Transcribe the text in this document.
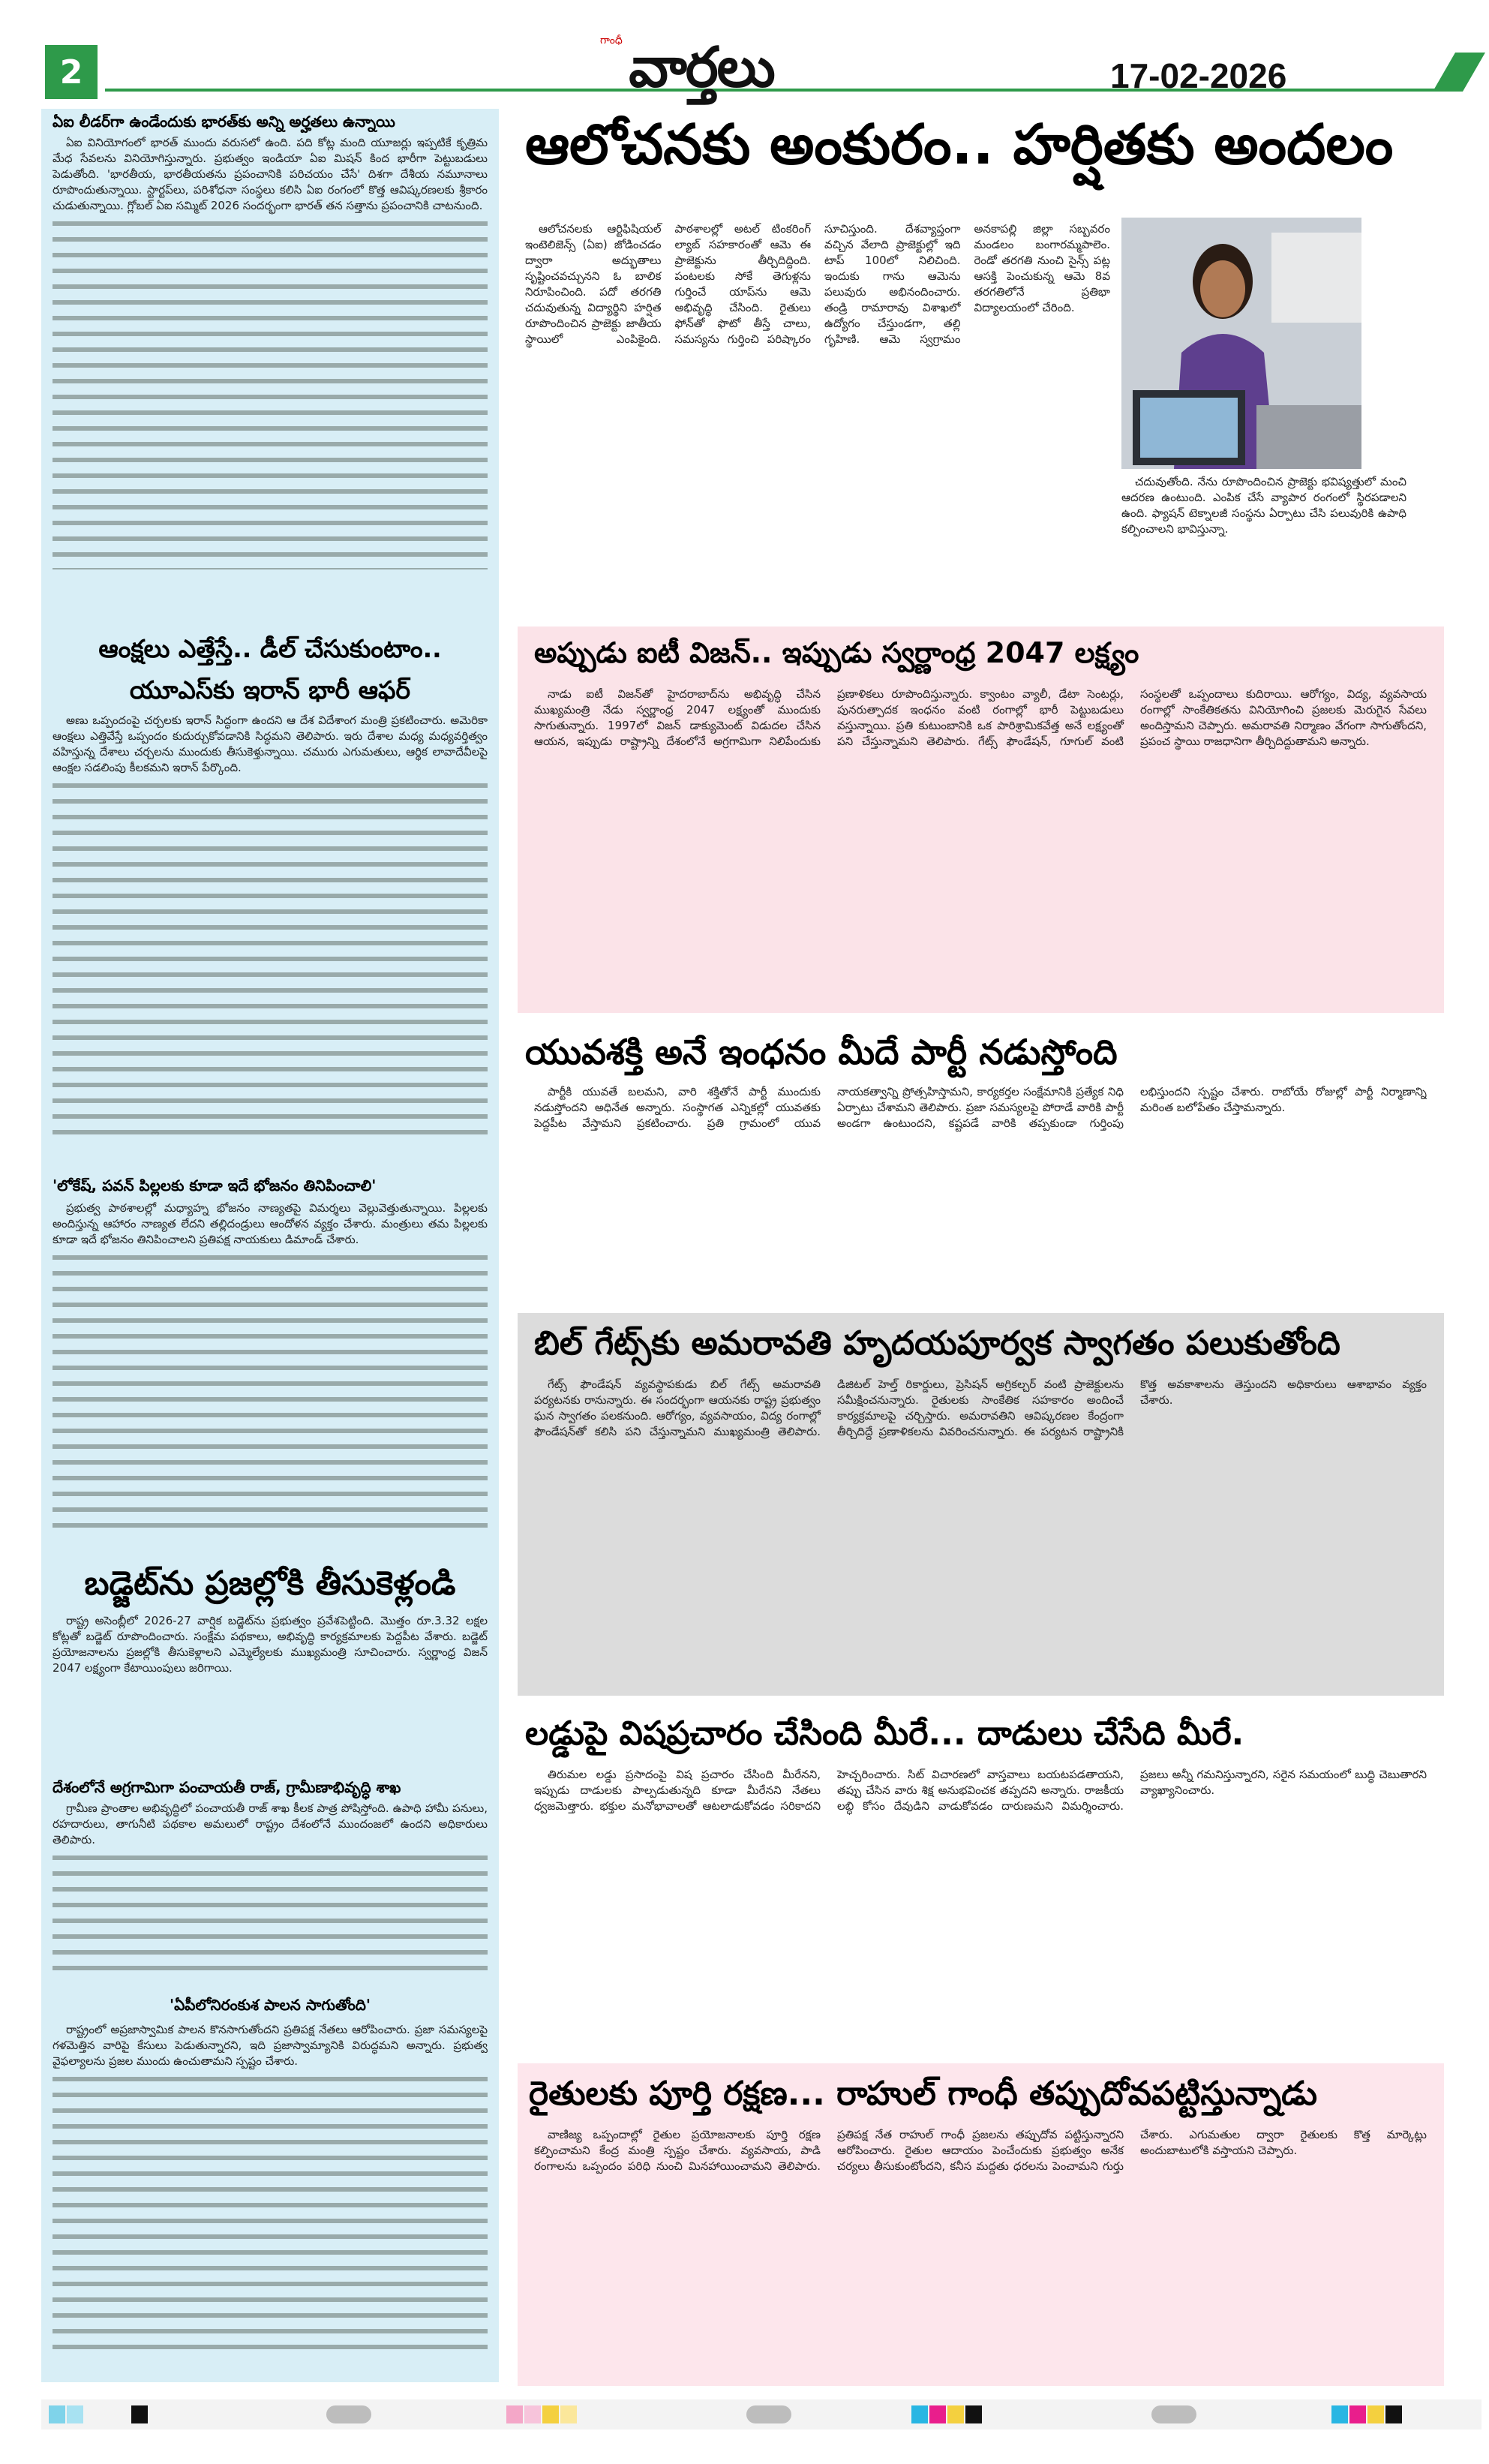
2
గాంధీ వార్తలు	17-02-2026
ఏఐ లీడర్‌గా ఉండేందుకు భారత్‌కు అన్ని అర్హతలు ఉన్నాయి

ఏఐ వినియోగంలో భారత్ ముందు వరుసలో ఉంది. పది కోట్ల మంది యూజర్లు ఇప్పటికే కృత్రిమ మేధ సేవలను వినియోగిస్తున్నారు. ప్రభుత్వం ఇండియా ఏఐ మిషన్ కింద భారీగా పెట్టుబడులు పెడుతోంది. 'భారతీయ, భారతీయతను ప్రపంచానికి పరిచయం చేసే' దిశగా దేశీయ నమూనాలు రూపొందుతున్నాయి. స్టార్టప్‌లు, పరిశోధనా సంస్థలు కలిసి ఏఐ రంగంలో కొత్త ఆవిష్కరణలకు శ్రీకారం చుడుతున్నాయి. గ్లోబల్ ఏఐ సమ్మిట్ 2026 సందర్భంగా భారత్ తన సత్తాను ప్రపంచానికి చాటనుంది.

ఆంక్షలు ఎత్తేస్తే.. డీల్ చేసుకుంటాం..
యూఎస్‌కు ఇరాన్ భారీ ఆఫర్

అణు ఒప్పందంపై చర్చలకు ఇరాన్ సిద్ధంగా ఉందని ఆ దేశ విదేశాంగ మంత్రి ప్రకటించారు. అమెరికా ఆంక్షలు ఎత్తివేస్తే ఒప్పందం కుదుర్చుకోవడానికి సిద్ధమని తెలిపారు. ఇరు దేశాల మధ్య మధ్యవర్తిత్వం వహిస్తున్న దేశాలు చర్చలను ముందుకు తీసుకెళ్తున్నాయి. చమురు ఎగుమతులు, ఆర్థిక లావాదేవీలపై ఆంక్షల సడలింపు కీలకమని ఇరాన్ పేర్కొంది.

'లోకేష్, పవన్ పిల్లలకు కూడా ఇదే భోజనం తినిపించాలి'

ప్రభుత్వ పాఠశాలల్లో మధ్యాహ్న భోజనం నాణ్యతపై విమర్శలు వెల్లువెత్తుతున్నాయి. పిల్లలకు అందిస్తున్న ఆహారం నాణ్యత లేదని తల్లిదండ్రులు ఆందోళన వ్యక్తం చేశారు. మంత్రులు తమ పిల్లలకు కూడా ఇదే భోజనం తినిపించాలని ప్రతిపక్ష నాయకులు డిమాండ్ చేశారు.

బడ్జెట్‌ను ప్రజల్లోకి తీసుకెళ్లండి

రాష్ట్ర అసెంబ్లీలో 2026-27 వార్షిక బడ్జెట్‌ను ప్రభుత్వం ప్రవేశపెట్టింది. మొత్తం రూ.3.32 లక్షల కోట్లతో బడ్జెట్ రూపొందించారు. సంక్షేమ పథకాలు, అభివృద్ధి కార్యక్రమాలకు పెద్దపీట వేశారు. బడ్జెట్ ప్రయోజనాలను ప్రజల్లోకి తీసుకెళ్లాలని ఎమ్మెల్యేలకు ముఖ్యమంత్రి సూచించారు. స్వర్ణాంధ్ర విజన్ 2047 లక్ష్యంగా కేటాయింపులు జరిగాయి.

దేశంలోనే అగ్రగామిగా పంచాయతీ రాజ్, గ్రామీణాభివృద్ధి శాఖ

గ్రామీణ ప్రాంతాల అభివృద్ధిలో పంచాయతీ రాజ్ శాఖ కీలక పాత్ర పోషిస్తోంది. ఉపాధి హామీ పనులు, రహదారులు, తాగునీటి పథకాల అమలులో రాష్ట్రం దేశంలోనే ముందంజలో ఉందని అధికారులు తెలిపారు.

'ఏపీలోనిరంకుశ పాలన సాగుతోంది'

రాష్ట్రంలో అప్రజాస్వామిక పాలన కొనసాగుతోందని ప్రతిపక్ష నేతలు ఆరోపించారు. ప్రజా సమస్యలపై గళమెత్తిన వారిపై కేసులు పెడుతున్నారని, ఇది ప్రజాస్వామ్యానికి విరుద్ధమని అన్నారు. ప్రభుత్వ వైఫల్యాలను ప్రజల ముందు ఉంచుతామని స్పష్టం చేశారు.

ఆలోచనకు అంకురం.. హర్షితకు అందలం

ఆలోచనలకు ఆర్టిఫిషియల్ ఇంటెలిజెన్స్ (ఏఐ) జోడించడం ద్వారా అద్భుతాలు సృష్టించవచ్చునని ఓ బాలిక నిరూపించింది. పదో తరగతి చదువుతున్న విద్యార్థిని హర్షిత రూపొందించిన ప్రాజెక్టు జాతీయ స్థాయిలో ఎంపికైంది. పాఠశాలల్లో అటల్ టింకరింగ్ ల్యాబ్ సహకారంతో ఆమె ఈ ప్రాజెక్టును తీర్చిదిద్దింది. పంటలకు సోకే తెగుళ్లను గుర్తించే యాప్‌ను ఆమె అభివృద్ధి చేసింది. రైతులు ఫోన్‌తో ఫొటో తీస్తే చాలు, సమస్యను గుర్తించి పరిష్కారం సూచిస్తుంది. దేశవ్యాప్తంగా వచ్చిన వేలాది ప్రాజెక్టుల్లో ఇది టాప్ 100లో నిలిచింది. ఇందుకు గాను ఆమెను పలువురు అభినందించారు. తండ్రి రామారావు విశాఖలో ఉద్యోగం చేస్తుండగా, తల్లి గృహిణి. ఆమె స్వగ్రామం అనకాపల్లి జిల్లా సబ్బవరం మండలం బంగారమ్మపాలెం. రెండో తరగతి నుంచి సైన్స్ పట్ల ఆసక్తి పెంచుకున్న ఆమె 8వ తరగతిలోనే ప్రతిభా విద్యాలయంలో చేరింది.

చదువుతోంది. నేను రూపొందించిన ప్రాజెక్టు భవిష్యత్తులో మంచి ఆదరణ ఉంటుంది. ఎంపిక చేసే వ్యాపార రంగంలో స్థిరపడాలని ఉంది. ఫ్యాషన్ టెక్నాలజీ సంస్థను ఏర్పాటు చేసి పలువురికి ఉపాధి కల్పించాలని భావిస్తున్నా.

అప్పుడు ఐటీ విజన్.. ఇప్పుడు స్వర్ణాంధ్ర 2047 లక్ష్యం

నాడు ఐటీ విజన్‌తో హైదరాబాద్‌ను అభివృద్ధి చేసిన ముఖ్యమంత్రి నేడు స్వర్ణాంధ్ర 2047 లక్ష్యంతో ముందుకు సాగుతున్నారు. 1997లో విజన్ డాక్యుమెంట్ విడుదల చేసిన ఆయన, ఇప్పుడు రాష్ట్రాన్ని దేశంలోనే అగ్రగామిగా నిలిపేందుకు ప్రణాళికలు రూపొందిస్తున్నారు. క్వాంటం వ్యాలీ, డేటా సెంటర్లు, పునరుత్పాదక ఇంధనం వంటి రంగాల్లో భారీ పెట్టుబడులు వస్తున్నాయి. ప్రతి కుటుంబానికి ఒక పారిశ్రామికవేత్త అనే లక్ష్యంతో పని చేస్తున్నామని తెలిపారు. గేట్స్ ఫౌండేషన్, గూగుల్ వంటి సంస్థలతో ఒప్పందాలు కుదిరాయి. ఆరోగ్యం, విద్య, వ్యవసాయ రంగాల్లో సాంకేతికతను వినియోగించి ప్రజలకు మెరుగైన సేవలు అందిస్తామని చెప్పారు. అమరావతి నిర్మాణం వేగంగా సాగుతోందని, ప్రపంచ స్థాయి రాజధానిగా తీర్చిదిద్దుతామని అన్నారు.

యువశక్తి అనే ఇంధనం మీదే పార్టీ నడుస్తోంది

పార్టీకి యువతే బలమని, వారి శక్తితోనే పార్టీ ముందుకు నడుస్తోందని అధినేత అన్నారు. సంస్థాగత ఎన్నికల్లో యువతకు పెద్దపీట వేస్తామని ప్రకటించారు. ప్రతి గ్రామంలో యువ నాయకత్వాన్ని ప్రోత్సహిస్తామని, కార్యకర్తల సంక్షేమానికి ప్రత్యేక నిధి ఏర్పాటు చేశామని తెలిపారు. ప్రజా సమస్యలపై పోరాడే వారికి పార్టీ అండగా ఉంటుందని, కష్టపడే వారికి తప్పకుండా గుర్తింపు లభిస్తుందని స్పష్టం చేశారు. రాబోయే రోజుల్లో పార్టీ నిర్మాణాన్ని మరింత బలోపేతం చేస్తామన్నారు.

బిల్ గేట్స్‌కు అమరావతి హృదయపూర్వక స్వాగతం పలుకుతోంది

గేట్స్ ఫౌండేషన్ వ్యవస్థాపకుడు బిల్ గేట్స్ అమరావతి పర్యటనకు రానున్నారు. ఈ సందర్భంగా ఆయనకు రాష్ట్ర ప్రభుత్వం ఘన స్వాగతం పలకనుంది. ఆరోగ్యం, వ్యవసాయం, విద్య రంగాల్లో ఫౌండేషన్‌తో కలిసి పని చేస్తున్నామని ముఖ్యమంత్రి తెలిపారు. డిజిటల్ హెల్త్ రికార్డులు, ప్రెసిషన్ అగ్రికల్చర్ వంటి ప్రాజెక్టులను సమీక్షించనున్నారు. రైతులకు సాంకేతిక సహకారం అందించే కార్యక్రమాలపై చర్చిస్తారు. అమరావతిని ఆవిష్కరణల కేంద్రంగా తీర్చిదిద్దే ప్రణాళికలను వివరించనున్నారు. ఈ పర్యటన రాష్ట్రానికి కొత్త అవకాశాలను తెస్తుందని అధికారులు ఆశాభావం వ్యక్తం చేశారు.

లడ్డుపై విషప్రచారం చేసింది మీరే... దాడులు చేసేది మీరే.

తిరుమల లడ్డు ప్రసాదంపై విష ప్రచారం చేసింది మీరేనని, ఇప్పుడు దాడులకు పాల్పడుతున్నది కూడా మీరేనని నేతలు ధ్వజమెత్తారు. భక్తుల మనోభావాలతో ఆటలాడుకోవడం సరికాదని హెచ్చరించారు. సిట్ విచారణలో వాస్తవాలు బయటపడతాయని, తప్పు చేసిన వారు శిక్ష అనుభవించక తప్పదని అన్నారు. రాజకీయ లబ్ధి కోసం దేవుడిని వాడుకోవడం దారుణమని విమర్శించారు. ప్రజలు అన్నీ గమనిస్తున్నారని, సరైన సమయంలో బుద్ధి చెబుతారని వ్యాఖ్యానించారు.

రైతులకు పూర్తి రక్షణ... రాహుల్ గాంధీ తప్పుదోవపట్టిస్తున్నాడు

వాణిజ్య ఒప్పందాల్లో రైతుల ప్రయోజనాలకు పూర్తి రక్షణ కల్పించామని కేంద్ర మంత్రి స్పష్టం చేశారు. వ్యవసాయ, పాడి రంగాలను ఒప్పందం పరిధి నుంచి మినహాయించామని తెలిపారు. ప్రతిపక్ష నేత రాహుల్ గాంధీ ప్రజలను తప్పుదోవ పట్టిస్తున్నారని ఆరోపించారు. రైతుల ఆదాయం పెంచేందుకు ప్రభుత్వం అనేక చర్యలు తీసుకుంటోందని, కనీస మద్దతు ధరలను పెంచామని గుర్తు చేశారు. ఎగుమతుల ద్వారా రైతులకు కొత్త మార్కెట్లు అందుబాటులోకి వస్తాయని చెప్పారు.
